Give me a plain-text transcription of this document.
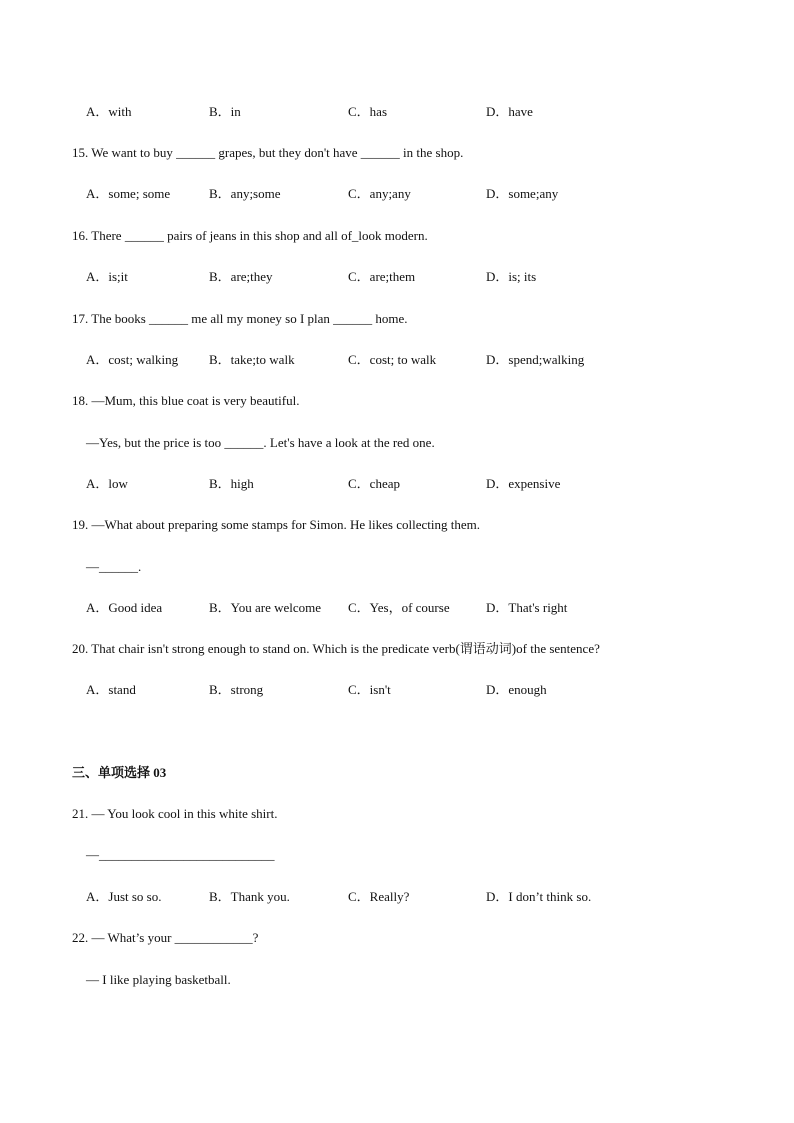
A．with	B．in	C．has	D．have
15. We want to buy ______ grapes, but they don't have ______ in the shop.
A．some; some	B．any;some	C．any;any	D．some;any
16. There ______ pairs of jeans in this shop and all of_look modern.
A．is;it	B．are;they	C．are;them	D．is; its
17. The books ______ me all my money so I plan ______ home.
A．cost; walking B．take;to walk	C．cost; to walk	D．spend;walking
18. —Mum, this blue coat is very beautiful.
—Yes, but the price is too ______. Let's have a look at the red one.
A．low	B．high	C．cheap	D．expensive
19. —What about preparing some stamps for Simon. He likes collecting them.
—______.
A．Good idea	B．You are welcome C．Yes，of course	D．That's right
20. That chair isn't strong enough to stand on. Which is the predicate verb(谓语动词)of the sentence?
A．stand	B．strong	C．isn't	D．enough
三、单项选择 03
21. — You look cool in this white shirt.
—___________________________
A．Just so so.	B．Thank you.	C．Really?	D．I don’t think so.
22. — What’s your ____________?
— I like playing basketball.
